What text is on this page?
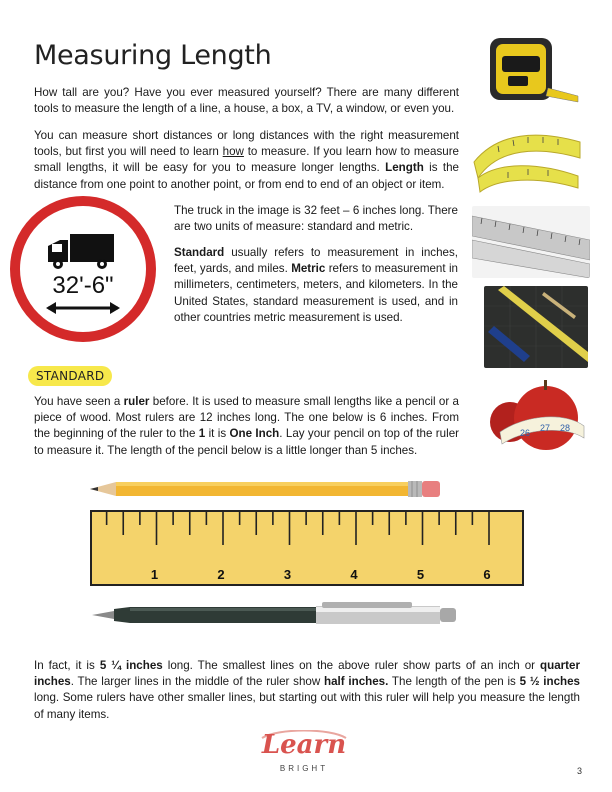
Measuring Length

How tall are you? Have you ever measured yourself? There are many different tools to measure the length of a line, a house, a box, a TV, a window, or even you.

You can measure short distances or long distances with the right measurement tools, but first you will need to learn how to measure. If you learn how to measure small lengths, it will be easy for you to measure longer lengths. Length is the distance from one point to another point, or from end to end of an object or item.

32'-6"

The truck in the image is 32 feet – 6 inches long. There are two units of measure: standard and metric.

Standard usually refers to measurement in inches, feet, yards, and miles. Metric refers to measurement in millimeters, centimeters, meters, and kilometers. In the United States, standard measurement is used, and in other countries metric measurement is used.

26 27 28
STANDARD

You have seen a ruler before. It is used to measure small lengths like a pencil or a piece of wood. Most rulers are 12 inches long. The one below is 6 inches. From the beginning of the ruler to the 1 it is One Inch. Lay your pencil on top of the ruler to measure it. The length of the pencil below is a little longer than 5 inches.

1	2	3	4	5	6

In fact, it is 5 ¼ inches long. The smallest lines on the above ruler show parts of an inch or quarter inches. The larger lines in the middle of the ruler show half inches. The length of the pen is 5 ½ inches long. Some rulers have other smaller lines, but starting out with this ruler will help you measure the length of many items.

Learn
BRIGHT	3
